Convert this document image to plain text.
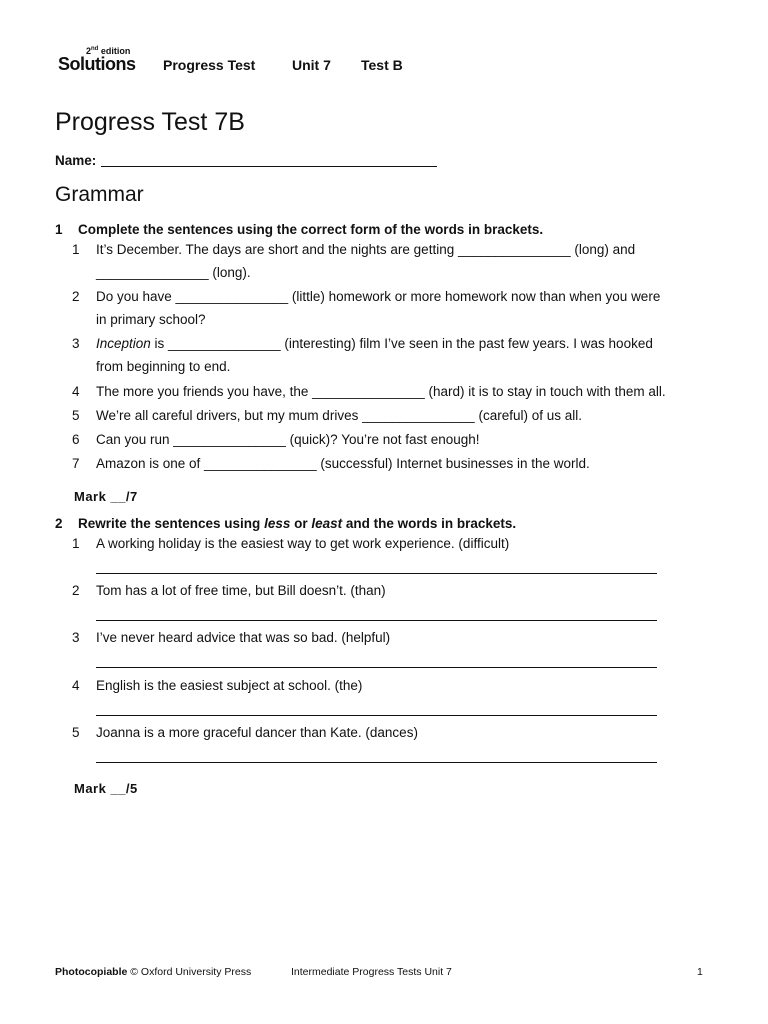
2nd edition
Solutions Progress Test	Unit 7 Test B
Progress Test 7B
Name:
Grammar
1 Complete the sentences using the correct form of the words in brackets.
1 It’s December. The days are short and the nights are getting _______________ (long) and
_______________ (long).
2 Do you have _______________ (little) homework or more homework now than when you were
in primary school?
3 Inception is _______________ (interesting) film I’ve seen in the past few years. I was hooked
from beginning to end.
4 The more you friends you have, the _______________ (hard) it is to stay in touch with them all.
5 We’re all careful drivers, but my mum drives _______________ (careful) of us all.
6 Can you run _______________ (quick)? You’re not fast enough!
7 Amazon is one of _______________ (successful) Internet businesses in the world.
Mark __/7
2 Rewrite the sentences using less or least and the words in brackets.
1 A working holiday is the easiest way to get work experience. (difficult)
2 Tom has a lot of free time, but Bill doesn’t. (than)
3 I’ve never heard advice that was so bad. (helpful)
4 English is the easiest subject at school. (the)
5 Joanna is a more graceful dancer than Kate. (dances)
Mark __/5
Photocopiable © Oxford University Press	Intermediate Progress Tests Unit 7	1
